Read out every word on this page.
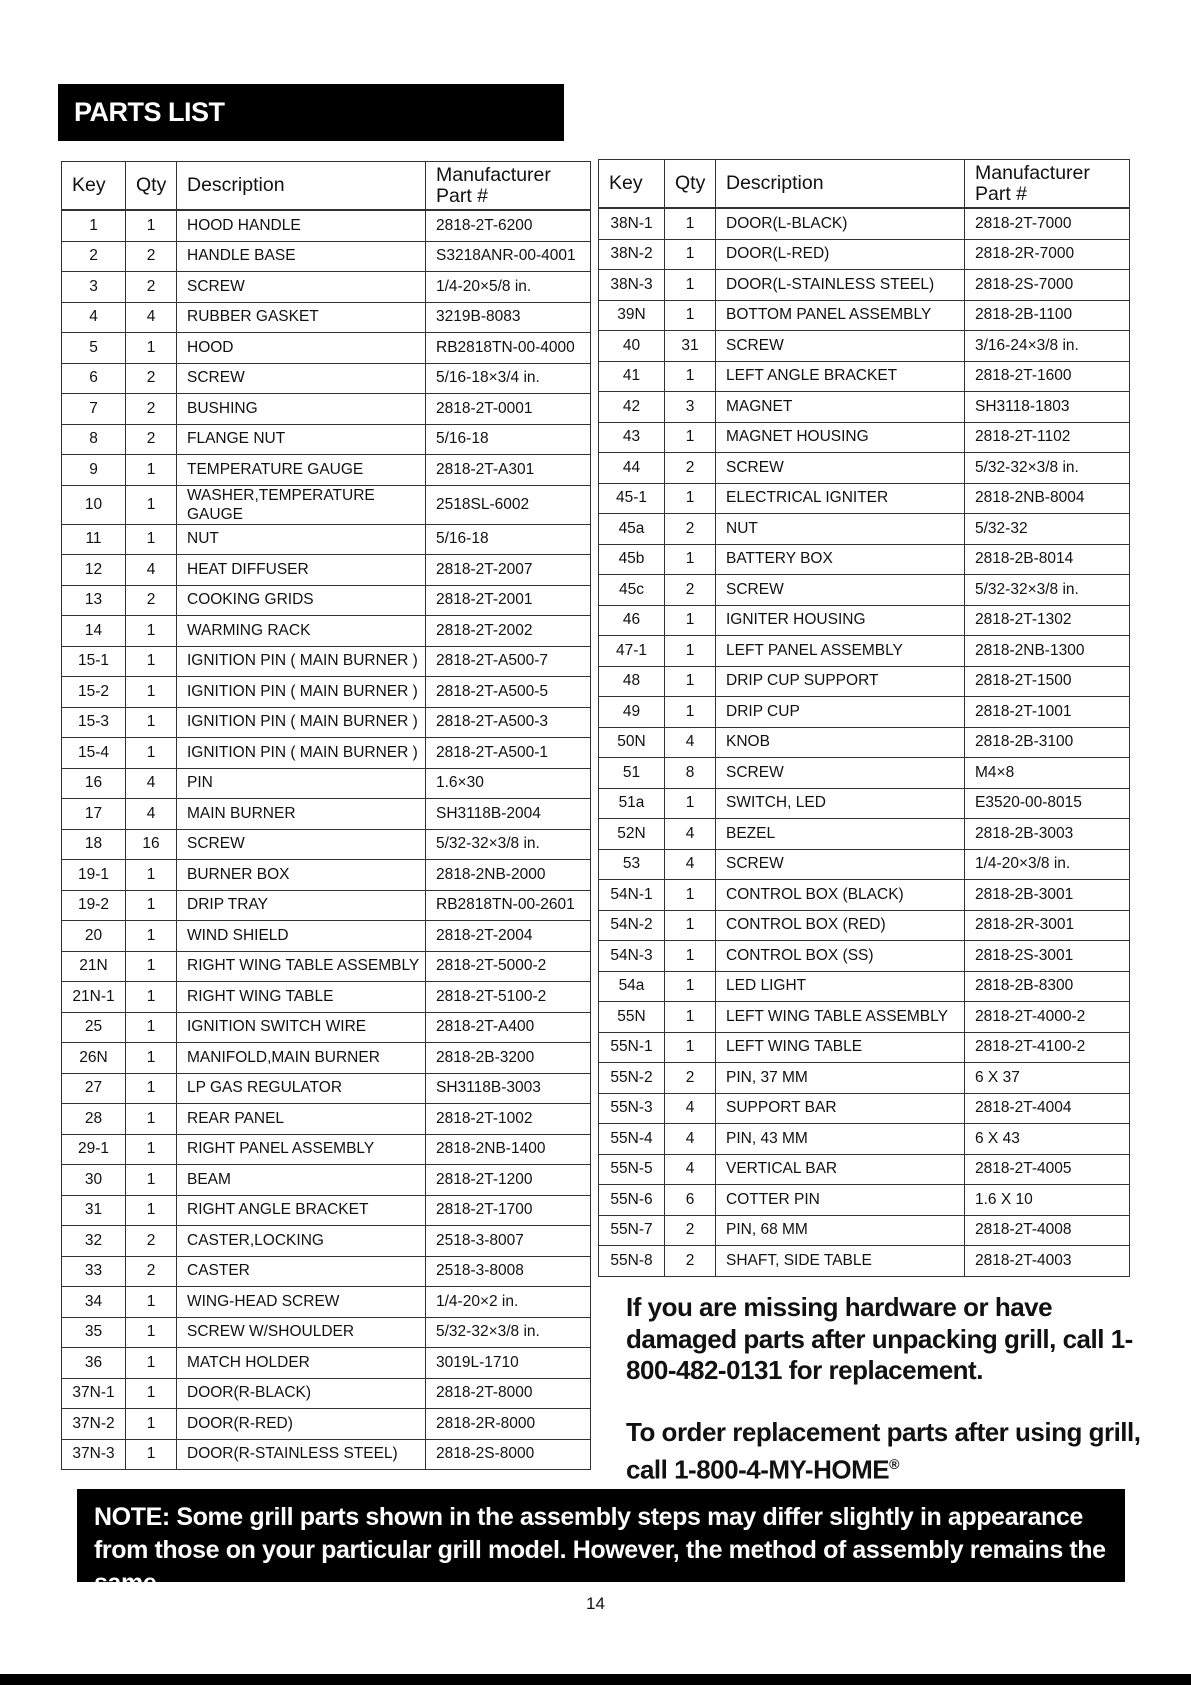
PARTS LIST
Key	Qty	Description	Manufacturer
Part #
1	1	HOOD HANDLE	2818-2T-6200
2	2	HANDLE BASE	S3218ANR-00-4001
3	2	SCREW	1/4-20×5/8 in.
4	4	RUBBER GASKET	3219B-8083
5	1	HOOD	RB2818TN-00-4000
6	2	SCREW	5/16-18×3/4 in.
7	2	BUSHING	2818-2T-0001
8	2	FLANGE NUT	5/16-18
9	1	TEMPERATURE GAUGE	2818-2T-A301
10	1	WASHER,TEMPERATURE GAUGE	2518SL-6002
11	1	NUT	5/16-18
12	4	HEAT DIFFUSER	2818-2T-2007
13	2	COOKING GRIDS	2818-2T-2001
14	1	WARMING RACK	2818-2T-2002
15-1	1	IGNITION PIN ( MAIN BURNER )	2818-2T-A500-7
15-2	1	IGNITION PIN ( MAIN BURNER )	2818-2T-A500-5
15-3	1	IGNITION PIN ( MAIN BURNER )	2818-2T-A500-3
15-4	1	IGNITION PIN ( MAIN BURNER )	2818-2T-A500-1
16	4	PIN	1.6×30
17	4	MAIN BURNER	SH3118B-2004
18	16	SCREW	5/32-32×3/8 in.
19-1	1	BURNER BOX	2818-2NB-2000
19-2	1	DRIP TRAY	RB2818TN-00-2601
20	1	WIND SHIELD	2818-2T-2004
21N	1	RIGHT WING TABLE ASSEMBLY	2818-2T-5000-2
21N-1	1	RIGHT WING TABLE	2818-2T-5100-2
25	1	IGNITION SWITCH WIRE	2818-2T-A400
26N	1	MANIFOLD,MAIN BURNER	2818-2B-3200
27	1	LP GAS REGULATOR	SH3118B-3003
28	1	REAR PANEL	2818-2T-1002
29-1	1	RIGHT PANEL ASSEMBLY	2818-2NB-1400
30	1	BEAM	2818-2T-1200
31	1	RIGHT ANGLE BRACKET	2818-2T-1700
32	2	CASTER,LOCKING	2518-3-8007
33	2	CASTER	2518-3-8008
34	1	WING-HEAD SCREW	1/4-20×2 in.
35	1	SCREW W/SHOULDER	5/32-32×3/8 in.
36	1	MATCH HOLDER	3019L-1710
37N-1	1	DOOR(R-BLACK)	2818-2T-8000
37N-2	1	DOOR(R-RED)	2818-2R-8000
37N-3	1	DOOR(R-STAINLESS STEEL)	2818-2S-8000
Key	Qty	Description	Manufacturer
Part #
38N-1	1	DOOR(L-BLACK)	2818-2T-7000
38N-2	1	DOOR(L-RED)	2818-2R-7000
38N-3	1	DOOR(L-STAINLESS STEEL)	2818-2S-7000
39N	1	BOTTOM PANEL ASSEMBLY	2818-2B-1100
40	31	SCREW	3/16-24×3/8 in.
41	1	LEFT ANGLE BRACKET	2818-2T-1600
42	3	MAGNET	SH3118-1803
43	1	MAGNET HOUSING	2818-2T-1102
44	2	SCREW	5/32-32×3/8 in.
45-1	1	ELECTRICAL IGNITER	2818-2NB-8004
45a	2	NUT	5/32-32
45b	1	BATTERY BOX	2818-2B-8014
45c	2	SCREW	5/32-32×3/8 in.
46	1	IGNITER HOUSING	2818-2T-1302
47-1	1	LEFT PANEL ASSEMBLY	2818-2NB-1300
48	1	DRIP CUP SUPPORT	2818-2T-1500
49	1	DRIP CUP	2818-2T-1001
50N	4	KNOB	2818-2B-3100
51	8	SCREW	M4×8
51a	1	SWITCH, LED	E3520-00-8015
52N	4	BEZEL	2818-2B-3003
53	4	SCREW	1/4-20×3/8 in.
54N-1	1	CONTROL BOX (BLACK)	2818-2B-3001
54N-2	1	CONTROL BOX (RED)	2818-2R-3001
54N-3	1	CONTROL BOX (SS)	2818-2S-3001
54a	1	LED LIGHT	2818-2B-8300
55N	1	LEFT WING TABLE ASSEMBLY	2818-2T-4000-2
55N-1	1	LEFT WING TABLE	2818-2T-4100-2
55N-2	2	PIN, 37 MM	6 X 37
55N-3	4	SUPPORT BAR	2818-2T-4004
55N-4	4	PIN, 43 MM	6 X 43
55N-5	4	VERTICAL BAR	2818-2T-4005
55N-6	6	COTTER PIN	1.6 X 10
55N-7	2	PIN, 68 MM	2818-2T-4008
55N-8	2	SHAFT, SIDE TABLE	2818-2T-4003
If you are missing hardware or have damaged parts after unpacking grill, call 1-800-482-0131 for replacement.
To order replacement parts after using grill, call 1-800-4-MY-HOME®
NOTE: Some grill parts shown in the assembly steps may differ slightly in appearance from those on your particular grill model. However, the method of assembly remains the same.
14
